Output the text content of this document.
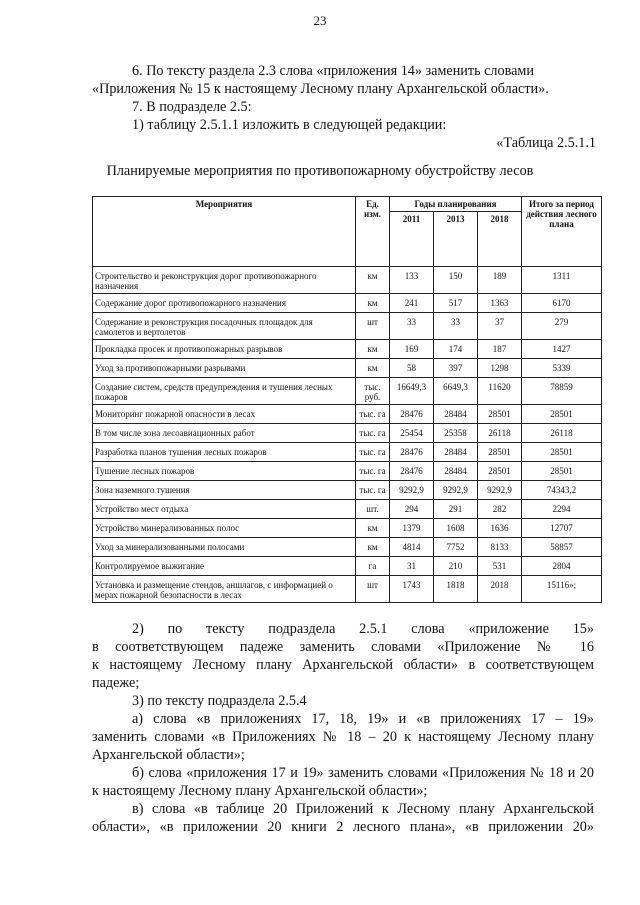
23

6. По тексту раздела 2.3 слова «приложения 14» заменить словами «Приложения № 15 к настоящему Лесному плану Архангельской области».

7. В подразделе 2.5:

1) таблицу 2.5.1.1 изложить в следующей редакции:

«Таблица 2.5.1.1
Планируемые мероприятия по противопожарному обустройству лесов
Мероприятия	Ед. изм.	Годы планирования			Итого за период действия лесного плана
		2011	2013	2018	
Строительство и реконструкция дорог противопожарного назначения	км	133	150	189	1311
Содержание дорог противопожарного назначения	км	241	517	1363	6170
Содержание и реконструкция посадочных площадок для самолетов и вертолетов	шт	33	33	37	279
Прокладка просек и противопожарных разрывов	км	169	174	187	1427
Уход за противопожарными разрывами	км	58	397	1298	5339
Создание систем, средств предупреждения и тушения лесных пожаров	тыс. руб.	16649,3	6649,3	11620	78859
Мониторинг пожарной опасности в лесах	тыс. га	28476	28484	28501	28501
В том числе зона лесоавиационных работ	тыс. га	25454	25358	26118	26118
Разработка планов тушения лесных пожаров	тыс. га	28476	28484	28501	28501
Тушение лесных пожаров	тыс. га	28476	28484	28501	28501
Зона наземного тушения	тыс. га	9292,9	9292,9	9292,9	74343,2
Устройство мест отдыха	шт.	294	291	282	2294
Устройство минерализованных полос	км	1379	1608	1636	12707
Уход за минерализованными полосами	км	4814	7752	8133	58857
Контролируемое выжигание	га	31	210	531	2804
Установка и размещение стендов, аншлагов, с информацией о мерах пожарной безопасности в лесах	шт	1743	1818	2018	15116»;

2) по тексту подраздела 2.5.1 слова «приложение 15»

в соответствующем падеже заменить словами «Приложение № 16

к настоящему Лесному плану Архангельской области» в соответствующем

падеже;

3) по тексту подраздела 2.5.4

а) слова «в приложениях 17, 18, 19» и «в приложениях 17 – 19»

заменить словами «в Приложениях № 18 – 20 к настоящему Лесному плану

Архангельской области»;

б) слова «приложения 17 и 19» заменить словами «Приложения № 18 и 20

к настоящему Лесному плану Архангельской области»;

в) слова «в таблице 20 Приложений к Лесному плану Архангельской

области», «в приложении 20 книги 2 лесного плана», «в приложении 20»
